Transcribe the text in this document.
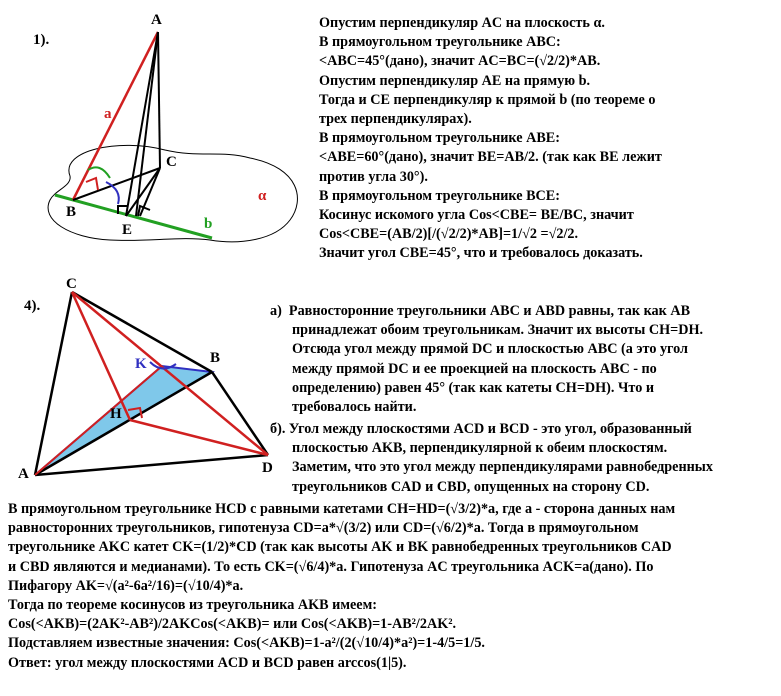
1).
A
C
B
E
a
b
α
4).
C
B
K
H
A	D
Опустим перпендикуляр AC на плоскость α.
В прямоугольном треугольнике ABC:
<ABC=45°(дано), значит AC=BC=(√2/2)*AB.
Опустим перпендикуляр AE на прямую b.
Тогда и CE перпендикуляр к прямой b (по теореме о
трех перпендикулярах).
В прямоугольном треугольнике ABE:
<ABE=60°(дано), значит BE=AB/2. (так как BE лежит
против угла 30°).
В прямоугольном треугольнике BCE:
Косинус искомого угла Cos<CBE= BE/BC, значит
Cos<CBE=(AB/2)[/(√2/2)*AB]=1/√2 =√2/2.
Значит угол CBE=45°, что и требовалось доказать.
а) Равносторонние треугольники ABC и ABD равны, так как AB
принадлежат обоим треугольникам. Значит их высоты CH=DH.
Отсюда угол между прямой DC и плоскостью ABC (а это угол
между прямой DC и ее проекцией на плоскость ABC - по
определению) равен 45° (так как катеты CH=DH). Что и
требовалось найти.
б). Угол между плоскостями ACD и BCD - это угол, образованный
плоскостью AKB, перпендикулярной к обеим плоскостям.
Заметим, что это угол между перпендикулярами равнобедренных
треугольников CAD и CBD, опущенных на сторону CD.
В прямоугольном треугольнике HCD с равными катетами CH=HD=(√3/2)*а, где а - сторона данных нам
равносторонних треугольников, гипотенуза CD=a*√(3/2) или CD=(√6/2)*a. Тогда в прямоугольном
треугольнике AKC катет CK=(1/2)*CD (так как высоты AK и BK равнобедренных треугольников CAD
и CBD являются и медианами). То есть CK=(√6/4)*a. Гипотенуза AC треугольника ACK=a(дано). По
Пифагору AK=√(a²-6a²/16)=(√10/4)*a.
Тогда по теореме косинусов из треугольника AKB имеем:
Cos(<AKB)=(2AK²-AB²)/2AKCos(<AKB)= или Cos(<AKB)=1-AB²/2AK².
Подставляем известные значения: Cos(<AKB)=1-a²/(2(√10/4)*a²)=1-4/5=1/5.
Ответ: угол между плоскостями ACD и BCD равен arccos(1|5).
